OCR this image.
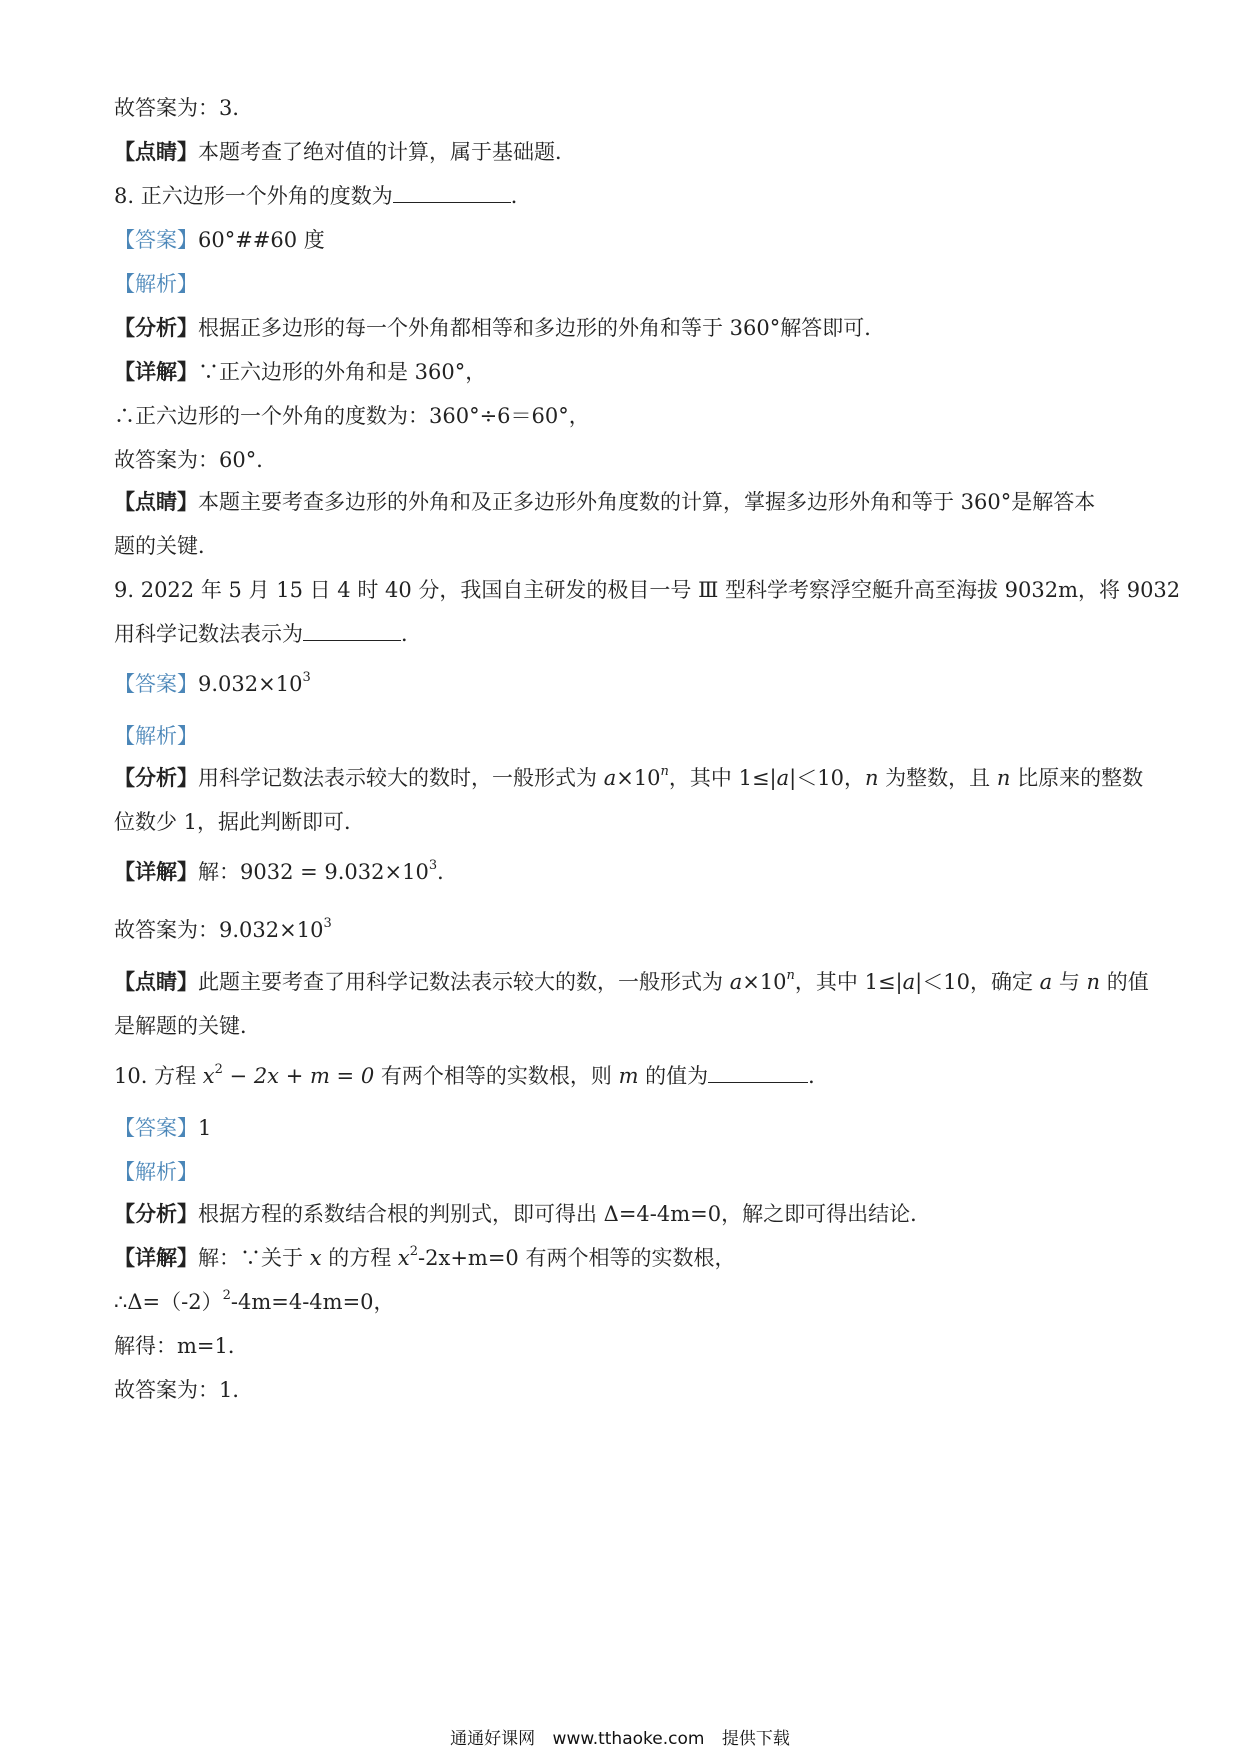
故答案为：3．
【点睛】本题考查了绝对值的计算，属于基础题．
8. 正六边形一个外角的度数为	．
【答案】60°##60 度
【解析】
【分析】根据正多边形的每一个外角都相等和多边形的外角和等于 360°解答即可．
【详解】∵正六边形的外角和是 360°，
∴正六边形的一个外角的度数为：360°÷6＝60°，
故答案为：60°．
【点睛】本题主要考查多边形的外角和及正多边形外角度数的计算，掌握多边形外角和等于 360°是解答本
题的关键．
9. 2022 年 5 月 15 日 4 时 40 分，我国自主研发的极目一号 Ⅲ 型科学考察浮空艇升高至海拔 9032m，将 9032
用科学记数法表示为	．
【答案】$9.032\times 10^3$
【解析】
【分析】用科学记数法表示较大的数时，一般形式为 $a\times 10^n$，其中 1≤|a|＜10，n 为整数，且 n 比原来的整数
位数少 1，据此判断即可．
【详解】解：$9032 = 9.032\times 10^3$．
故答案为：$9.032\times 10^3$
【点睛】此题主要考查了用科学记数法表示较大的数，一般形式为 $a\times 10^n$，其中 1≤|a|＜10，确定 a 与 n 的值
是解题的关键．
10. 方程 $x^2 - 2x + m = 0$ 有两个相等的实数根，则 m 的值为	．
【答案】1
【解析】
【分析】根据方程的系数结合根的判别式，即可得出 Δ=4-4m=0，解之即可得出结论．
【详解】解：∵关于 x 的方程 $x^2-2x+m=0$ 有两个相等的实数根，
$\therefore\Delta=(-2)^2-4m=4-4m=0$，
解得：m=1．
故答案为：1．
通通好课网 www.tthaoke.com 提供下载
